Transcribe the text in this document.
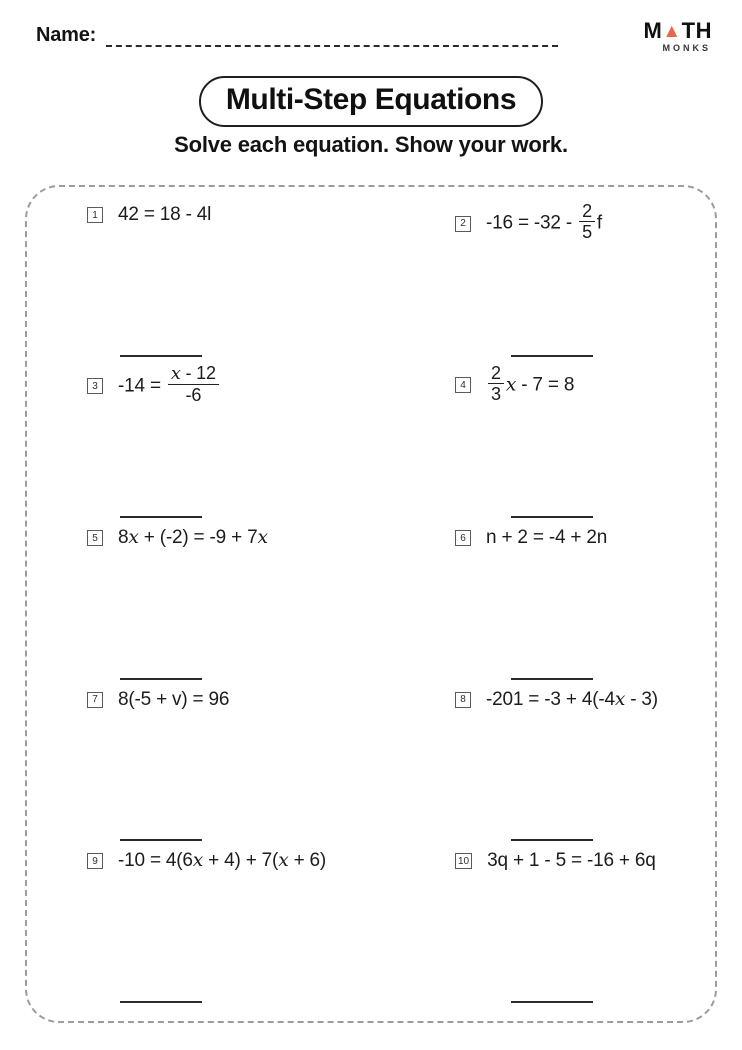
Name:	M▲TH
MONKS
Multi-Step Equations
Solve each equation. Show your work.
1 42 = 18 - 4l	2 $-16 = -32 - \frac{2}{5}$ f
3 $-14 = \frac{x - 12}{-6}$	$4 \frac{2}{3}$ x - 7 = 8
5 8x + (-2) = -9 + 7x	6 n + 2 = -4 + 2n
7 8(-5 + v) = 96	8 -201 = -3 + 4(-4x - 3)
9 -10 = 4(6x + 4) + 7(x + 6)	10 3q + 1 - 5 = -16 + 6q
